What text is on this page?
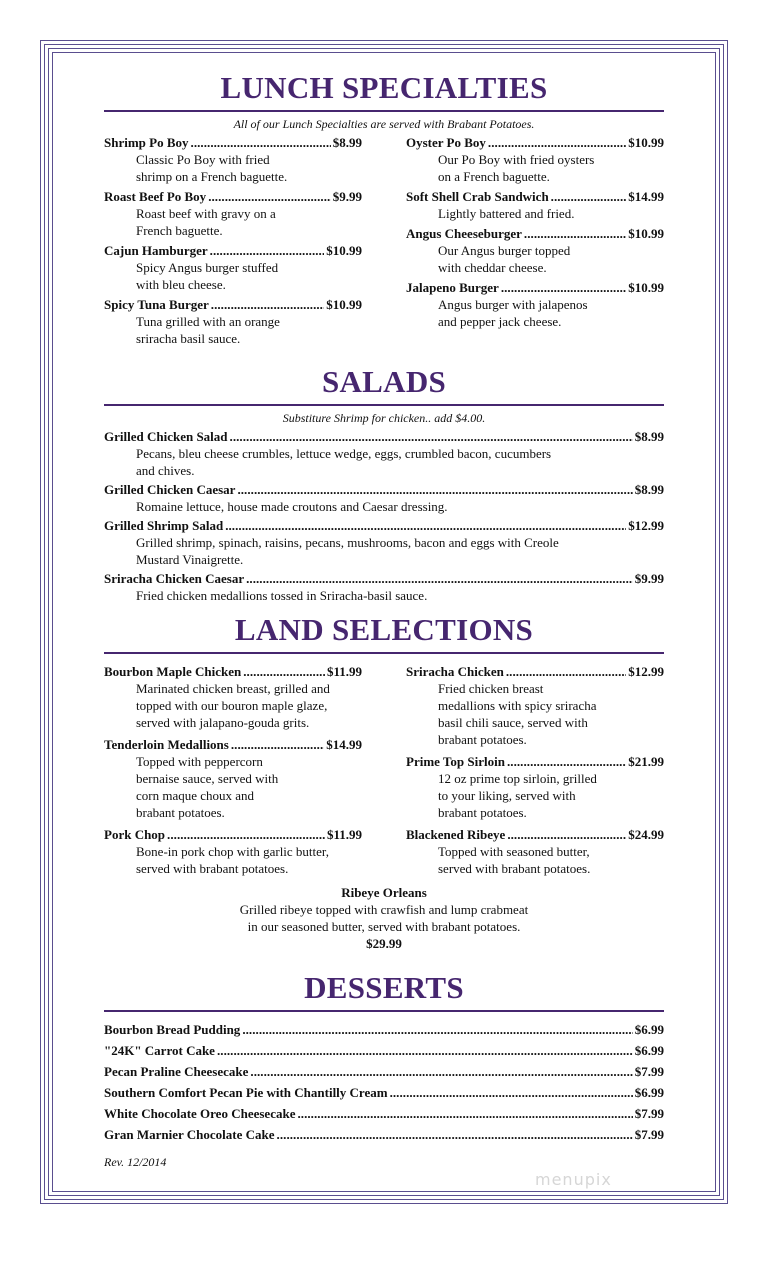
LUNCH SPECIALTIES
All of our Lunch Specialties are served with Brabant Potatoes.
Shrimp Po Boy . . .	$8.99
Classic Po Boy with fried
shrimp on a French baguette.
Roast Beef Po Boy . . .	$9.99
Roast beef with gravy on a
French baguette.
Cajun Hamburger . . .	$10.99
Spicy Angus burger stuffed
with bleu cheese.
Spicy Tuna Burger . . .	$10.99
Tuna grilled with an orange
sriracha basil sauce.
Oyster Po Boy . . .	$10.99
Our Po Boy with fried oysters
on a French baguette.
Soft Shell Crab Sandwich . . .	$14.99
Lightly battered and fried.
Angus Cheeseburger . . .	$10.99
Our Angus burger topped
with cheddar cheese.
Jalapeno Burger . . .	$10.99
Angus burger with jalapenos
and pepper jack cheese.
SALADS
Substiture Shrimp for chicken.. add $4.00.
Grilled Chicken Salad . . .	$8.99
Pecans, bleu cheese crumbles, lettuce wedge, eggs, crumbled bacon, cucumbers
and chives.
Grilled Chicken Caesar . . .	$8.99
Romaine lettuce, house made croutons and Caesar dressing.
Grilled Shrimp Salad . . .	$12.99
Grilled shrimp, spinach, raisins, pecans, mushrooms, bacon and eggs with Creole
Mustard Vinaigrette.
Sriracha Chicken Caesar . . .	$9.99
Fried chicken medallions tossed in Sriracha-basil sauce.
LAND SELECTIONS
Bourbon Maple Chicken . . .	$11.99
Marinated chicken breast, grilled and
topped with our bouron maple glaze,
served with jalapano-gouda grits.
Tenderloin Medallions . . .	$14.99
Topped with peppercorn
bernaise sauce, served with
corn maque choux and
brabant potatoes.
Pork Chop . . .	$11.99
Bone-in pork chop with garlic butter,
served with brabant potatoes.
Sriracha Chicken . . .	$12.99
Fried chicken breast
medallions with spicy sriracha
basil chili sauce, served with
brabant potatoes.
Prime Top Sirloin . . .	$21.99
12 oz prime top sirloin, grilled
to your liking, served with
brabant potatoes.
Blackened Ribeye . . .	$24.99
Topped with seasoned butter,
served with brabant potatoes.
Ribeye Orleans
Grilled ribeye topped with crawfish and lump crabmeat
in our seasoned butter, served with brabant potatoes.
$29.99
DESSERTS
Bourbon Bread Pudding . . .	$6.99
"24K" Carrot Cake . . .	$6.99
Pecan Praline Cheesecake . . .	$7.99
Southern Comfort Pecan Pie with Chantilly Cream . . .	$6.99
White Chocolate Oreo Cheesecake . . .	$7.99
Gran Marnier Chocolate Cake . . .	$7.99
Rev. 12/2014
menupix
